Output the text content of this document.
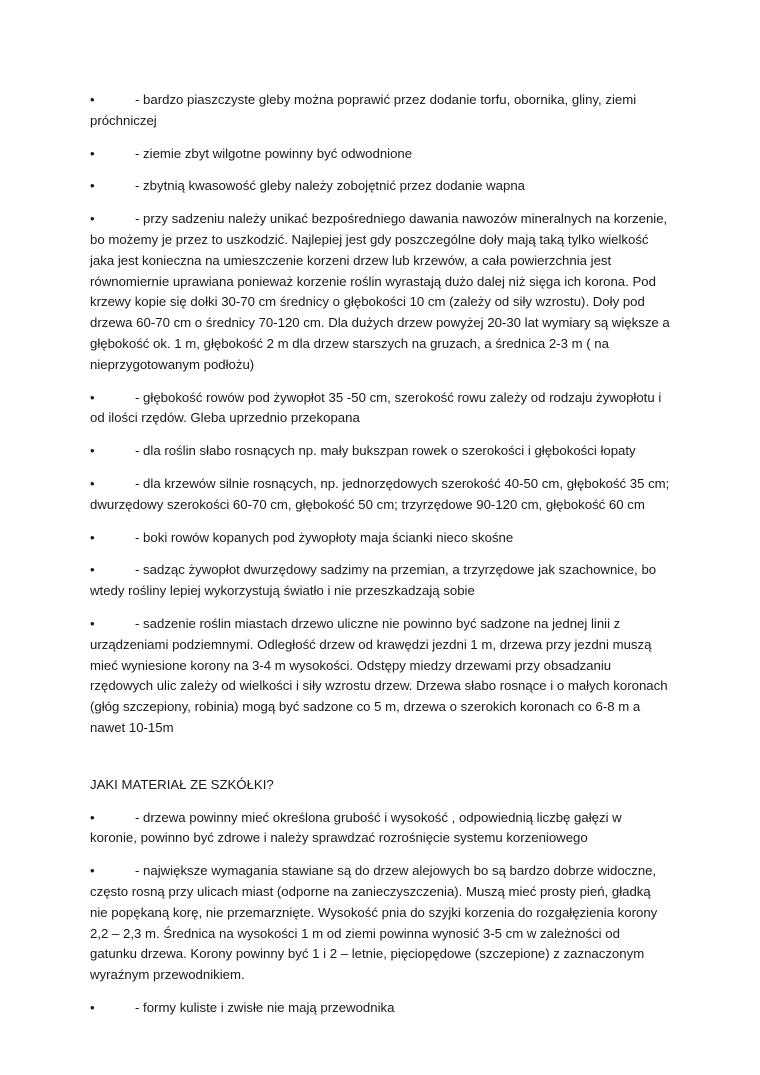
•	- bardzo piaszczyste gleby można poprawić przez dodanie torfu, obornika, gliny, ziemi próchniczej
•	- ziemie zbyt wilgotne powinny być odwodnione
•	- zbytnią kwasowość gleby należy zobojętnić przez dodanie wapna
•	- przy sadzeniu należy unikać bezpośredniego dawania nawozów mineralnych na korzenie, bo możemy je przez to uszkodzić. Najlepiej jest gdy poszczególne doły mają taką tylko wielkość jaka jest konieczna na umieszczenie korzeni drzew lub krzewów, a cała powierzchnia jest równomiernie uprawiana ponieważ korzenie roślin wyrastają dużo dalej niż sięga ich korona. Pod krzewy kopie się dołki 30-70 cm średnicy o głębokości 10 cm (zależy od siły wzrostu). Doły pod drzewa 60-70 cm o średnicy 70-120 cm. Dla dużych drzew powyżej 20-30 lat wymiary są większe a głębokość ok. 1 m, głębokość 2 m dla drzew starszych na gruzach, a średnica 2-3 m ( na nieprzygotowanym podłożu)
•	- głębokość rowów pod żywopłot 35 -50 cm, szerokość rowu zależy od rodzaju żywopłotu i od ilości rzędów. Gleba uprzednio przekopana
•	- dla roślin słabo rosnących np. mały bukszpan rowek o szerokości i głębokości łopaty
•	- dla krzewów silnie rosnących, np. jednorzędowych szerokość 40-50 cm, głębokość 35 cm; dwurzędowy szerokości 60-70 cm, głębokość 50 cm; trzyrzędowe 90-120 cm, głębokość 60 cm
•	- boki rowów kopanych pod żywopłoty maja ścianki nieco skośne
•	- sadząc żywopłot dwurzędowy sadzimy na przemian, a trzyrzędowe jak szachownice, bo wtedy rośliny lepiej wykorzystują światło i nie przeszkadzają sobie
•	- sadzenie roślin miastach drzewo uliczne nie powinno być sadzone na jednej linii z urządzeniami podziemnymi. Odległość drzew od krawędzi jezdni 1 m, drzewa przy jezdni muszą mieć wyniesione korony na 3-4 m wysokości. Odstępy miedzy drzewami przy obsadzaniu rzędowych ulic zależy od wielkości i siły wzrostu drzew. Drzewa słabo rosnące i o małych koronach (głóg szczepiony, robinia) mogą być sadzone co 5 m, drzewa o szerokich koronach co 6-8 m a nawet 10-15m
JAKI MATERIAŁ ZE SZKÓŁKI?
•	- drzewa powinny mieć określona grubość i wysokość , odpowiednią liczbę gałęzi w koronie, powinno być zdrowe i należy sprawdzać rozrośnięcie systemu korzeniowego
•	- największe wymagania stawiane są do drzew alejowych bo są bardzo dobrze widoczne, często rosną przy ulicach miast (odporne na zanieczyszczenia). Muszą mieć prosty pień, gładką nie popękaną korę, nie przemarznięte. Wysokość pnia do szyjki korzenia do rozgałęzienia korony 2,2 – 2,3 m. Średnica na wysokości 1 m od ziemi powinna wynosić 3-5 cm w zależności od gatunku drzewa. Korony powinny być 1 i 2 – letnie, pięciopędowe (szczepione) z zaznaczonym wyraźnym przewodnikiem.
•	- formy kuliste i zwisłe nie mają przewodnika
